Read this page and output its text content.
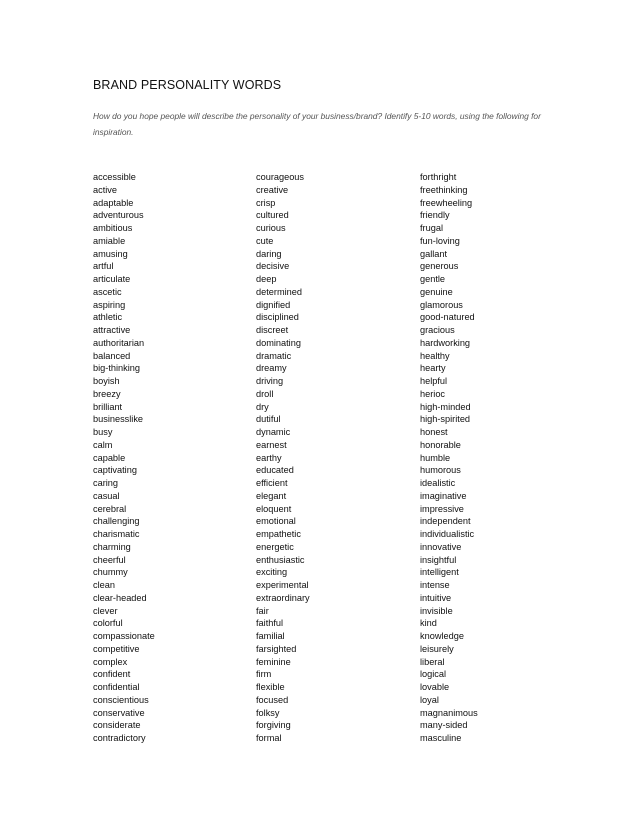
BRAND PERSONALITY WORDS
How do you hope people will describe the personality of your business/brand? Identify 5-10 words, using the following for inspiration.
accessible
active
adaptable
adventurous
ambitious
amiable
amusing
artful
articulate
ascetic
aspiring
athletic
attractive
authoritarian
balanced
big-thinking
boyish
breezy
brilliant
businesslike
busy
calm
capable
captivating
caring
casual
cerebral
challenging
charismatic
charming
cheerful
chummy
clean
clear-headed
clever
colorful
compassionate
competitive
complex
confident
confidential
conscientious
conservative
considerate
contradictory
courageous
creative
crisp
cultured
curious
cute
daring
decisive
deep
determined
dignified
disciplined
discreet
dominating
dramatic
dreamy
driving
droll
dry
dutiful
dynamic
earnest
earthy
educated
efficient
elegant
eloquent
emotional
empathetic
energetic
enthusiastic
exciting
experimental
extraordinary
fair
faithful
familial
farsighted
feminine
firm
flexible
focused
folksy
forgiving
formal
forthright
freethinking
freewheeling
friendly
frugal
fun-loving
gallant
generous
gentle
genuine
glamorous
good-natured
gracious
hardworking
healthy
hearty
helpful
herioc
high-minded
high-spirited
honest
honorable
humble
humorous
idealistic
imaginative
impressive
independent
individualistic
innovative
insightful
intelligent
intense
intuitive
invisible
kind
knowledge
leisurely
liberal
logical
lovable
loyal
magnanimous
many-sided
masculine
